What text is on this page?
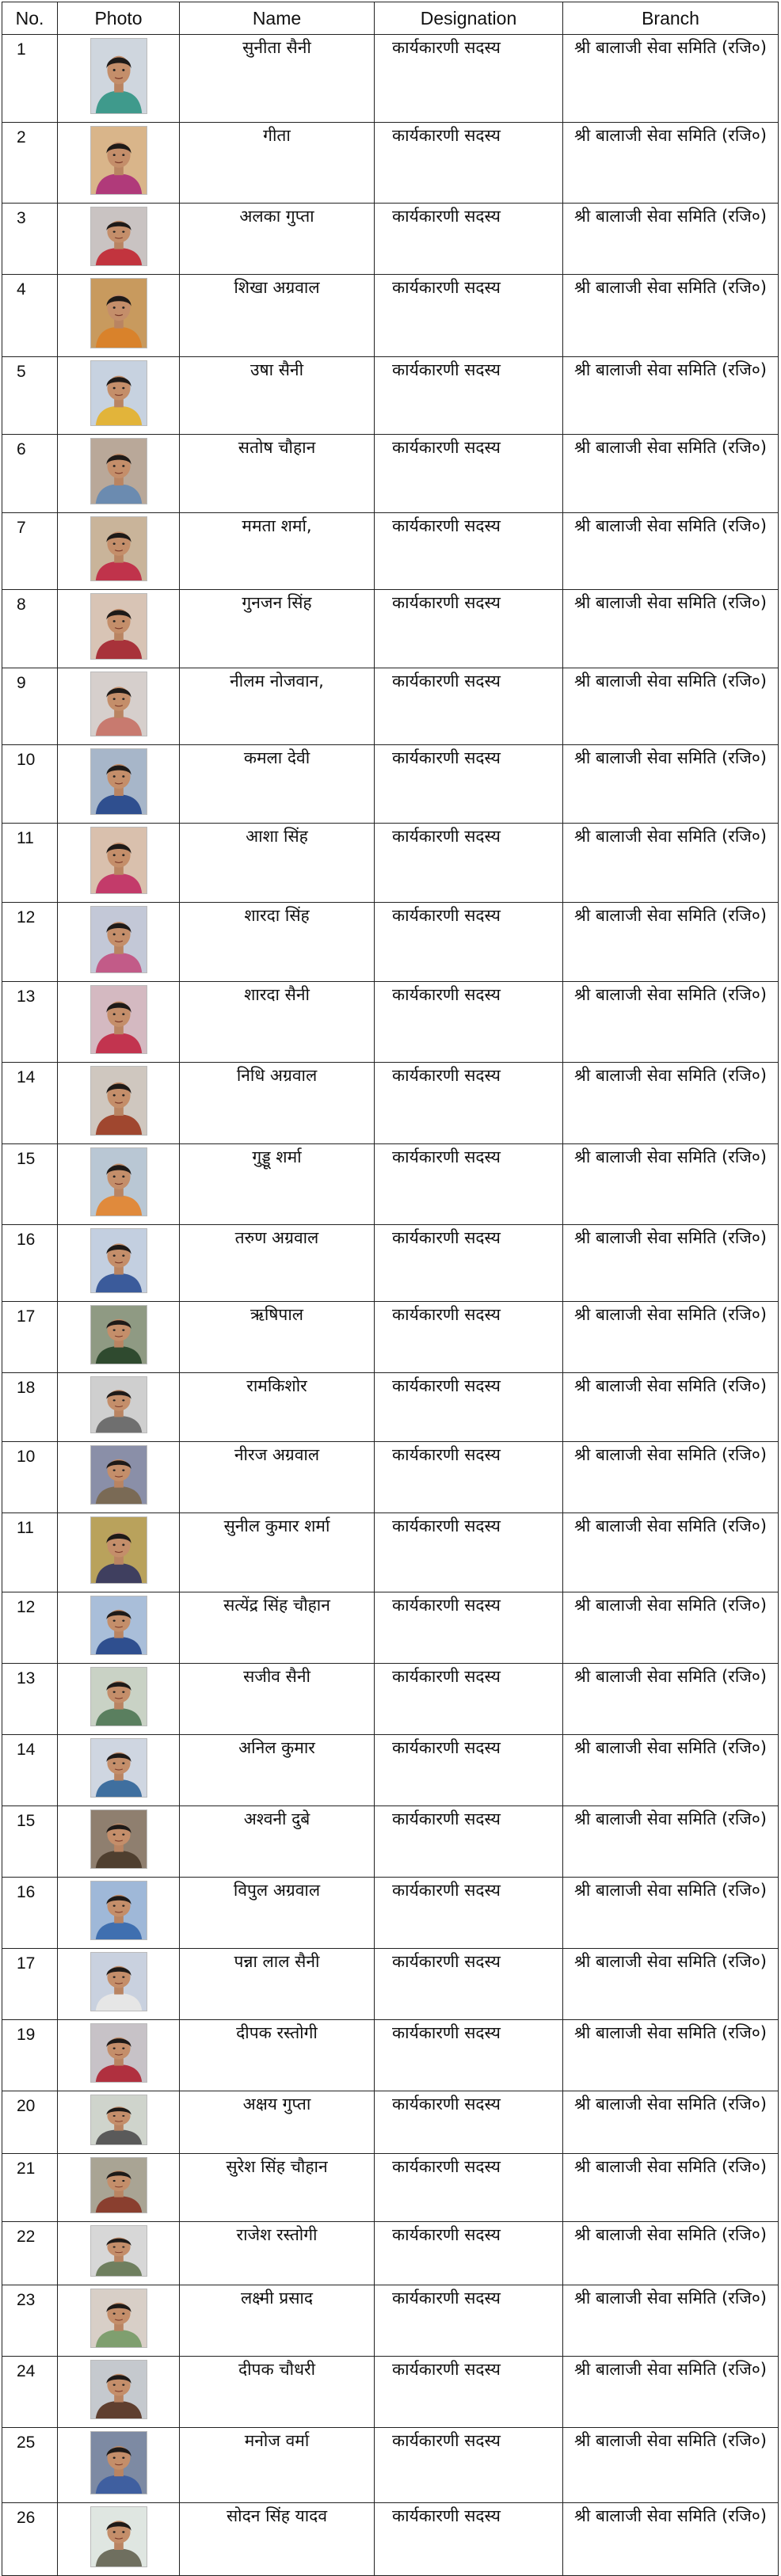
No.	Photo	Name	Designation	Branch
1		सुनीता सैनी	कार्यकारणी सदस्य	श्री बालाजी सेवा समिति (रजि०)
2		गीता	कार्यकारणी सदस्य	श्री बालाजी सेवा समिति (रजि०)
3		अलका गुप्ता	कार्यकारणी सदस्य	श्री बालाजी सेवा समिति (रजि०)
4		शिखा अग्रवाल	कार्यकारणी सदस्य	श्री बालाजी सेवा समिति (रजि०)
5		उषा सैनी	कार्यकारणी सदस्य	श्री बालाजी सेवा समिति (रजि०)
6		सतोष चौहान	कार्यकारणी सदस्य	श्री बालाजी सेवा समिति (रजि०)
7		ममता शर्मा,	कार्यकारणी सदस्य	श्री बालाजी सेवा समिति (रजि०)
8		गुनजन सिंह	कार्यकारणी सदस्य	श्री बालाजी सेवा समिति (रजि०)
9		नीलम नोजवान,	कार्यकारणी सदस्य	श्री बालाजी सेवा समिति (रजि०)
10		कमला देवी	कार्यकारणी सदस्य	श्री बालाजी सेवा समिति (रजि०)
11		आशा सिंह	कार्यकारणी सदस्य	श्री बालाजी सेवा समिति (रजि०)
12		शारदा सिंह	कार्यकारणी सदस्य	श्री बालाजी सेवा समिति (रजि०)
13		शारदा सैनी	कार्यकारणी सदस्य	श्री बालाजी सेवा समिति (रजि०)
14		निधि अग्रवाल	कार्यकारणी सदस्य	श्री बालाजी सेवा समिति (रजि०)
15		गुड्डू शर्मा	कार्यकारणी सदस्य	श्री बालाजी सेवा समिति (रजि०)
16		तरुण अग्रवाल	कार्यकारणी सदस्य	श्री बालाजी सेवा समिति (रजि०)
17		ऋषिपाल	कार्यकारणी सदस्य	श्री बालाजी सेवा समिति (रजि०)
18		रामकिशोर	कार्यकारणी सदस्य	श्री बालाजी सेवा समिति (रजि०)
10		नीरज अग्रवाल	कार्यकारणी सदस्य	श्री बालाजी सेवा समिति (रजि०)
11		सुनील कुमार शर्मा	कार्यकारणी सदस्य	श्री बालाजी सेवा समिति (रजि०)
12		सत्येंद्र सिंह चौहान	कार्यकारणी सदस्य	श्री बालाजी सेवा समिति (रजि०)
13		सजीव सैनी	कार्यकारणी सदस्य	श्री बालाजी सेवा समिति (रजि०)
14		अनिल कुमार	कार्यकारणी सदस्य	श्री बालाजी सेवा समिति (रजि०)
15		अश्वनी दुबे	कार्यकारणी सदस्य	श्री बालाजी सेवा समिति (रजि०)
16		विपुल अग्रवाल	कार्यकारणी सदस्य	श्री बालाजी सेवा समिति (रजि०)
17		पन्ना लाल सैनी	कार्यकारणी सदस्य	श्री बालाजी सेवा समिति (रजि०)
19		दीपक रस्तोगी	कार्यकारणी सदस्य	श्री बालाजी सेवा समिति (रजि०)
20		अक्षय गुप्ता	कार्यकारणी सदस्य	श्री बालाजी सेवा समिति (रजि०)
21		सुरेश सिंह चौहान	कार्यकारणी सदस्य	श्री बालाजी सेवा समिति (रजि०)
22		राजेश रस्तोगी	कार्यकारणी सदस्य	श्री बालाजी सेवा समिति (रजि०)
23		लक्ष्मी प्रसाद	कार्यकारणी सदस्य	श्री बालाजी सेवा समिति (रजि०)
24		दीपक चौधरी	कार्यकारणी सदस्य	श्री बालाजी सेवा समिति (रजि०)
25		मनोज वर्मा	कार्यकारणी सदस्य	श्री बालाजी सेवा समिति (रजि०)
26		सोदन सिंह यादव	कार्यकारणी सदस्य	श्री बालाजी सेवा समिति (रजि०)
